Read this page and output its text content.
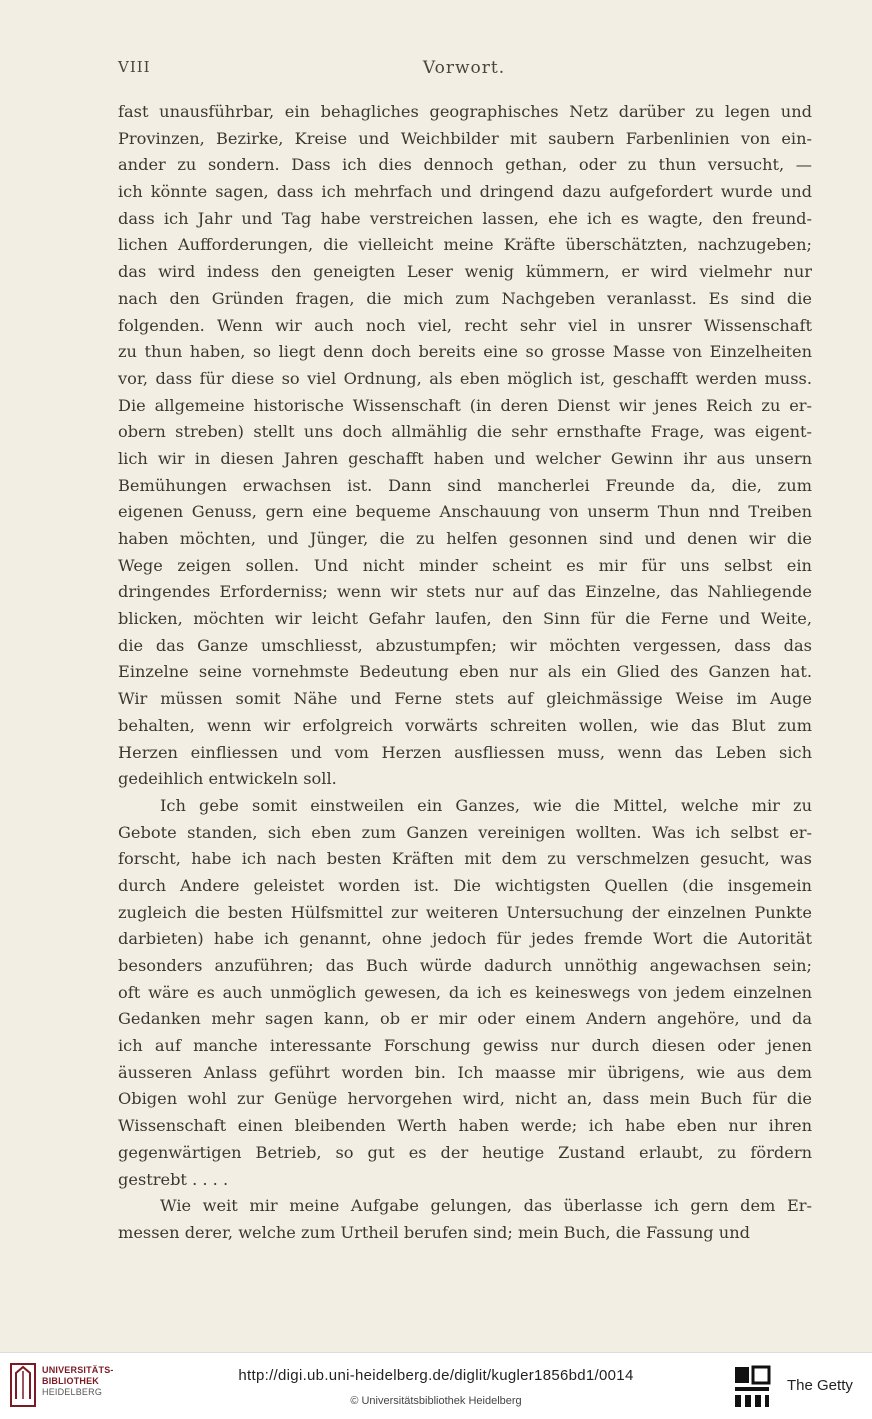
VIII	Vorwort.
fast unausführbar, ein behagliches geographisches Netz darüber zu legen und
Provinzen, Bezirke, Kreise und Weichbilder mit saubern Farbenlinien von ein-
ander zu sondern. Dass ich dies dennoch gethan, oder zu thun versucht, —
ich könnte sagen, dass ich mehrfach und dringend dazu aufgefordert wurde und
dass ich Jahr und Tag habe verstreichen lassen, ehe ich es wagte, den freund-
lichen Aufforderungen, die vielleicht meine Kräfte überschätzten, nachzugeben;
das wird indess den geneigten Leser wenig kümmern, er wird vielmehr nur
nach den Gründen fragen, die mich zum Nachgeben veranlasst. Es sind die
folgenden. Wenn wir auch noch viel, recht sehr viel in unsrer Wissenschaft
zu thun haben, so liegt denn doch bereits eine so grosse Masse von Einzelheiten
vor, dass für diese so viel Ordnung, als eben möglich ist, geschafft werden muss.
Die allgemeine historische Wissenschaft (in deren Dienst wir jenes Reich zu er-
obern streben) stellt uns doch allmählig die sehr ernsthafte Frage, was eigent-
lich wir in diesen Jahren geschafft haben und welcher Gewinn ihr aus unsern
Bemühungen erwachsen ist. Dann sind mancherlei Freunde da, die, zum
eigenen Genuss, gern eine bequeme Anschauung von unserm Thun nnd Treiben
haben möchten, und Jünger, die zu helfen gesonnen sind und denen wir die
Wege zeigen sollen. Und nicht minder scheint es mir für uns selbst ein
dringendes Erforderniss; wenn wir stets nur auf das Einzelne, das Nahliegende
blicken, möchten wir leicht Gefahr laufen, den Sinn für die Ferne und Weite,
die das Ganze umschliesst, abzustumpfen; wir möchten vergessen, dass das
Einzelne seine vornehmste Bedeutung eben nur als ein Glied des Ganzen hat.
Wir müssen somit Nähe und Ferne stets auf gleichmässige Weise im Auge
behalten, wenn wir erfolgreich vorwärts schreiten wollen, wie das Blut zum
Herzen einfliessen und vom Herzen ausfliessen muss, wenn das Leben sich
gedeihlich entwickeln soll.
Ich gebe somit einstweilen ein Ganzes, wie die Mittel, welche mir zu
Gebote standen, sich eben zum Ganzen vereinigen wollten. Was ich selbst er-
forscht, habe ich nach besten Kräften mit dem zu verschmelzen gesucht, was
durch Andere geleistet worden ist. Die wichtigsten Quellen (die insgemein
zugleich die besten Hülfsmittel zur weiteren Untersuchung der einzelnen Punkte
darbieten) habe ich genannt, ohne jedoch für jedes fremde Wort die Autorität
besonders anzuführen; das Buch würde dadurch unnöthig angewachsen sein;
oft wäre es auch unmöglich gewesen, da ich es keineswegs von jedem einzelnen
Gedanken mehr sagen kann, ob er mir oder einem Andern angehöre, und da
ich auf manche interessante Forschung gewiss nur durch diesen oder jenen
äusseren Anlass geführt worden bin. Ich maasse mir übrigens, wie aus dem
Obigen wohl zur Genüge hervorgehen wird, nicht an, dass mein Buch für die
Wissenschaft einen bleibenden Werth haben werde; ich habe eben nur ihren
gegenwärtigen Betrieb, so gut es der heutige Zustand erlaubt, zu fördern
gestrebt . . . .
Wie weit mir meine Aufgabe gelungen, das überlasse ich gern dem Er-
messen derer, welche zum Urtheil berufen sind; mein Buch, die Fassung und
UNIVERSITÄTS-
BIBLIOTHEK
HEIDELBERG
http://digi.ub.uni-heidelberg.de/diglit/kugler1856bd1/0014
© Universitätsbibliothek Heidelberg
The Getty
